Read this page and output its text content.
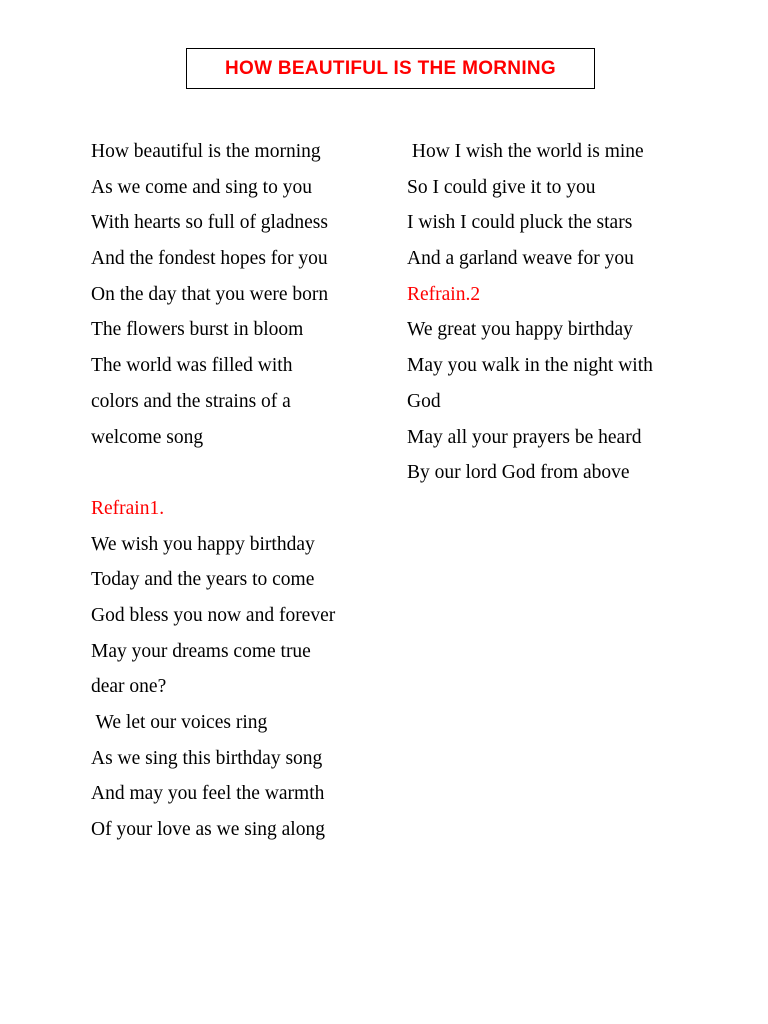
HOW BEAUTIFUL IS THE MORNING
How beautiful is the morning
As we come and sing to you
With hearts so full of gladness
And the fondest hopes for you
On the day that you were born
The flowers burst in bloom
The world was filled with
colors and the strains of a
welcome song
Refrain1.
We wish you happy birthday
Today and the years to come
God bless you now and forever
May your dreams come true
dear one?
We let our voices ring
As we sing this birthday song
And may you feel the warmth
Of your love as we sing along
How I wish the world is mine
So I could give it to you
I wish I could pluck the stars
And a garland weave for you
Refrain.2
We great you happy birthday
May you walk in the night with
God
May all your prayers be heard
By our lord God from above
